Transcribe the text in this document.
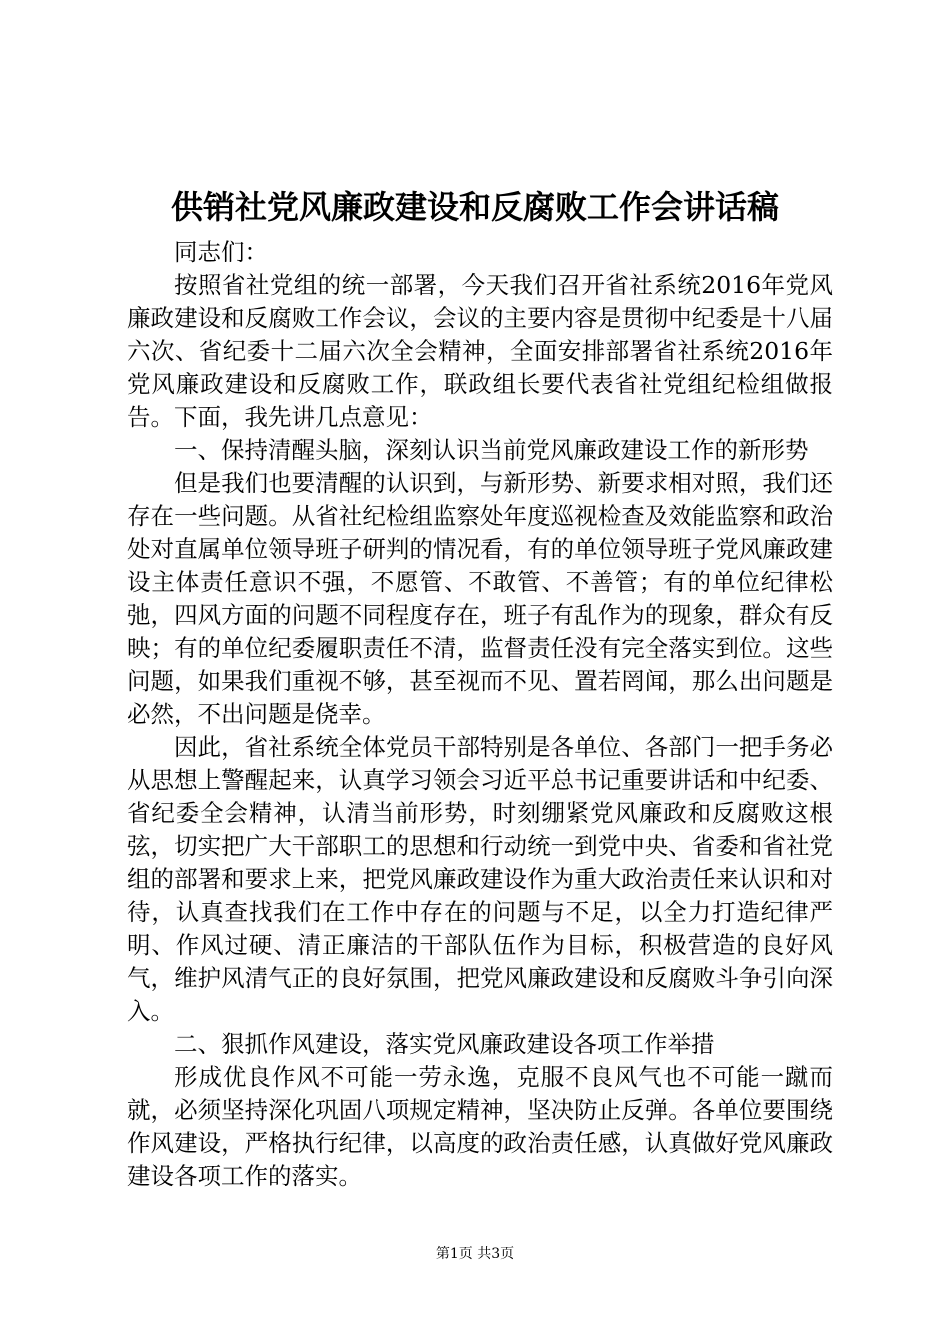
供销社党风廉政建设和反腐败工作会讲话稿

同志们：

按照省社党组的统一部署，今天我们召开省社系统2016年党风廉政建设和反腐败工作会议，会议的主要内容是贯彻中纪委是十八届六次、省纪委十二届六次全会精神，全面安排部署省社系统2016年党风廉政建设和反腐败工作，联政组长要代表省社党组纪检组做报告。下面，我先讲几点意见：

一、保持清醒头脑，深刻认识当前党风廉政建设工作的新形势

但是我们也要清醒的认识到，与新形势、新要求相对照，我们还存在一些问题。从省社纪检组监察处年度巡视检查及效能监察和政治处对直属单位领导班子研判的情况看，有的单位领导班子党风廉政建设主体责任意识不强，不愿管、不敢管、不善管；有的单位纪律松弛，四风方面的问题不同程度存在，班子有乱作为的现象，群众有反映；有的单位纪委履职责任不清，监督责任没有完全落实到位。这些问题，如果我们重视不够，甚至视而不见、置若罔闻，那么出问题是必然，不出问题是侥幸。

因此，省社系统全体党员干部特别是各单位、各部门一把手务必从思想上警醒起来，认真学习领会习近平总书记重要讲话和中纪委、省纪委全会精神，认清当前形势，时刻绷紧党风廉政和反腐败这根弦，切实把广大干部职工的思想和行动统一到党中央、省委和省社党组的部署和要求上来，把党风廉政建设作为重大政治责任来认识和对待，认真查找我们在工作中存在的问题与不足，以全力打造纪律严明、作风过硬、清正廉洁的干部队伍作为目标，积极营造的良好风气，维护风清气正的良好氛围，把党风廉政建设和反腐败斗争引向深入。

二、狠抓作风建设，落实党风廉政建设各项工作举措

形成优良作风不可能一劳永逸，克服不良风气也不可能一蹴而就，必须坚持深化巩固八项规定精神，坚决防止反弹。各单位要围绕作风建设，严格执行纪律，以高度的政治责任感，认真做好党风廉政建设各项工作的落实。

第1页 共3页
